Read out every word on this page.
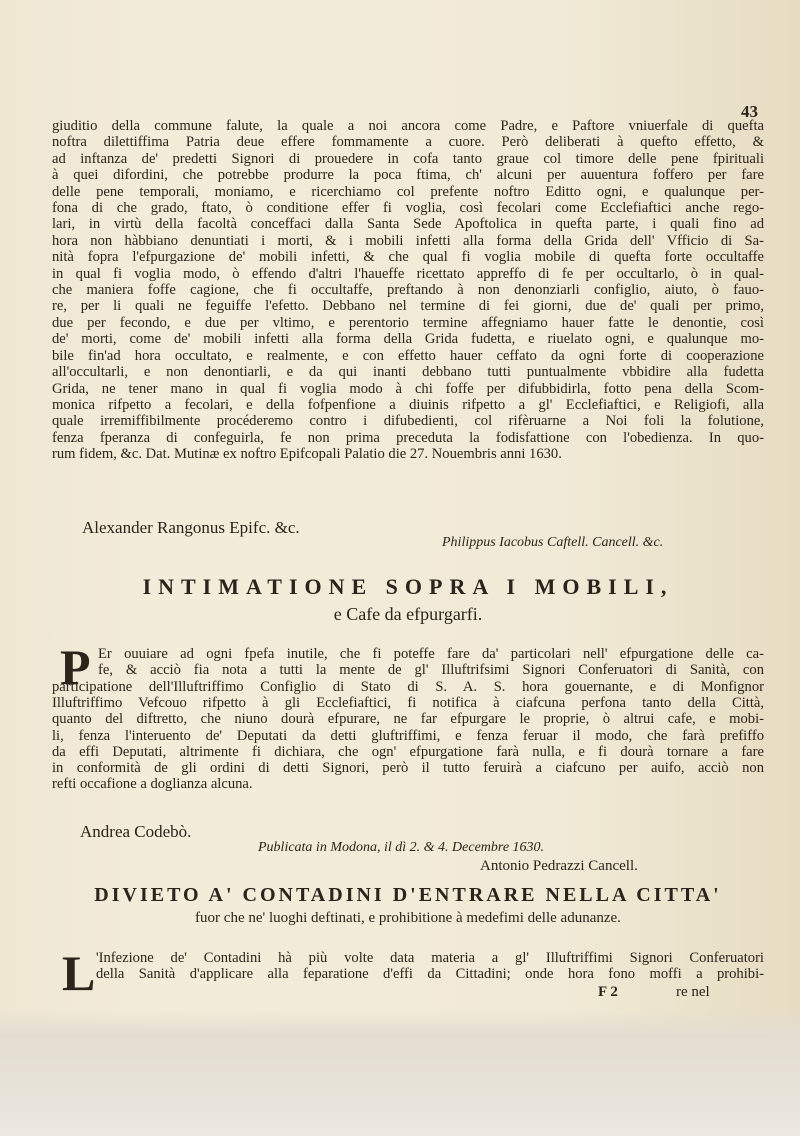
43
giuditio della commune falute, la quale a noi ancora come Padre, e Paftore vniuerfale di quefta
noftra dilettiffima Patria deue effere fommamente a cuore. Però deliberati à quefto effetto, &
ad inftanza de' predetti Signori di prouedere in cofa tanto graue col timore delle pene fpirituali
à quei difordini, che potrebbe produrre la poca ftima, ch' alcuni per auuentura foffero per fare
delle pene temporali, moniamo, e ricerchiamo col prefente noftro Editto ogni, e qualunque per-
fona di che grado, ftato, ò conditione effer fi voglia, così fecolari come Ecclefiaftici anche rego-
lari, in virtù della facoltà conceffaci dalla Santa Sede Apoftolica in quefta parte, i quali fino ad
hora non hàbbiano denuntiati i morti, & i mobili infetti alla forma della Grida dell' Vfficio di Sa-
nità fopra l'efpurgazione de' mobili infetti, & che qual fi voglia mobile di quefta forte occultaffe
in qual fi voglia modo, ò effendo d'altri l'haueffe ricettato appreffo di fe per occultarlo, ò in qual-
che maniera foffe cagione, che fi occultaffe, preftando à non denonziarli configlio, aiuto, ò fauo-
re, per li quali ne feguiffe l'efetto. Debbano nel termine di fei giorni, due de' quali per primo,
due per fecondo, e due per vltimo, e perentorio termine affegniamo hauer fatte le denontie, così
de' morti, come de' mobili infetti alla forma della Grida fudetta, e riuelato ogni, e qualunque mo-
bile fin'ad hora occultato, e realmente, e con effetto hauer ceffato da ogni forte di cooperazione
all'occultarli, e non denontiarli, e da qui inanti debbano tutti puntualmente vbbidire alla fudetta
Grida, ne tener mano in qual fi voglia modo à chi foffe per difubbidirla, fotto pena della Scom-
monica rifpetto a fecolari, e della fofpenfione a diuinis rifpetto a gl' Ecclefiaftici, e Religiofi, alla
quale irremiffibilmente procéderemo contro i difubedienti, col rifèruarne a Noi foli la folutione,
fenza fperanza di confeguirla, fe non prima preceduta la fodisfattione con l'obedienza. In quo-
rum fidem, &c. Dat. Mutinæ ex noftro Epifcopali Palatio die 27. Nouembris anni 1630.
Alexander Rangonus Epifc. &c.
Philippus Iacobus Caftell. Cancell. &c.
INTIMATIONE SOPRA I MOBILI,
e Cafe da efpurgarfi.
P Er ouuiare ad ogni fpefa inutile, che fi poteffe fare da' particolari nell' efpurgatione delle ca-
fe, & acciò fia nota a tutti la mente de gl' Illuftrifsimi Signori Conferuatori di Sanità, con
participatione dell'Illuftriffimo Configlio di Stato di S. A. S. hora gouernante, e di Monfignor
Illuftriffimo Vefcouo rifpetto à gli Ecclefiaftici, fi notifica à ciafcuna perfona tanto della Città,
quanto del diftretto, che niuno dourà efpurare, ne far efpurgare le proprie, ò altrui cafe, e mobi-
li, fenza l'interuento de' Deputati da detti gluftriffimi, e fenza feruar il modo, che farà prefiffo
da effi Deputati, altrimente fi dichiara, che ogn' efpurgatione farà nulla, e fi dourà tornare a fare
in conformità de gli ordini di detti Signori, però il tutto feruirà a ciafcuno per auifo, acciò non
refti occafione a doglianza alcuna.
Andrea Codebò.
Publicata in Modona, il dì 2. & 4. Decembre 1630.
Antonio Pedrazzi Cancell.
DIVIETO A' CONTADINI D'ENTRARE NELLA CITTA'
fuor che ne' luoghi deftinati, e prohibitione à medefimi delle adunanze.
L 'Infezione de' Contadini hà più volte data materia a gl' Illuftriffimi Signori Conferuatori
della Sanità d'applicare alla feparatione d'effi da Cittadini; onde hora fono moffi a prohibi-
F 2	re nel
